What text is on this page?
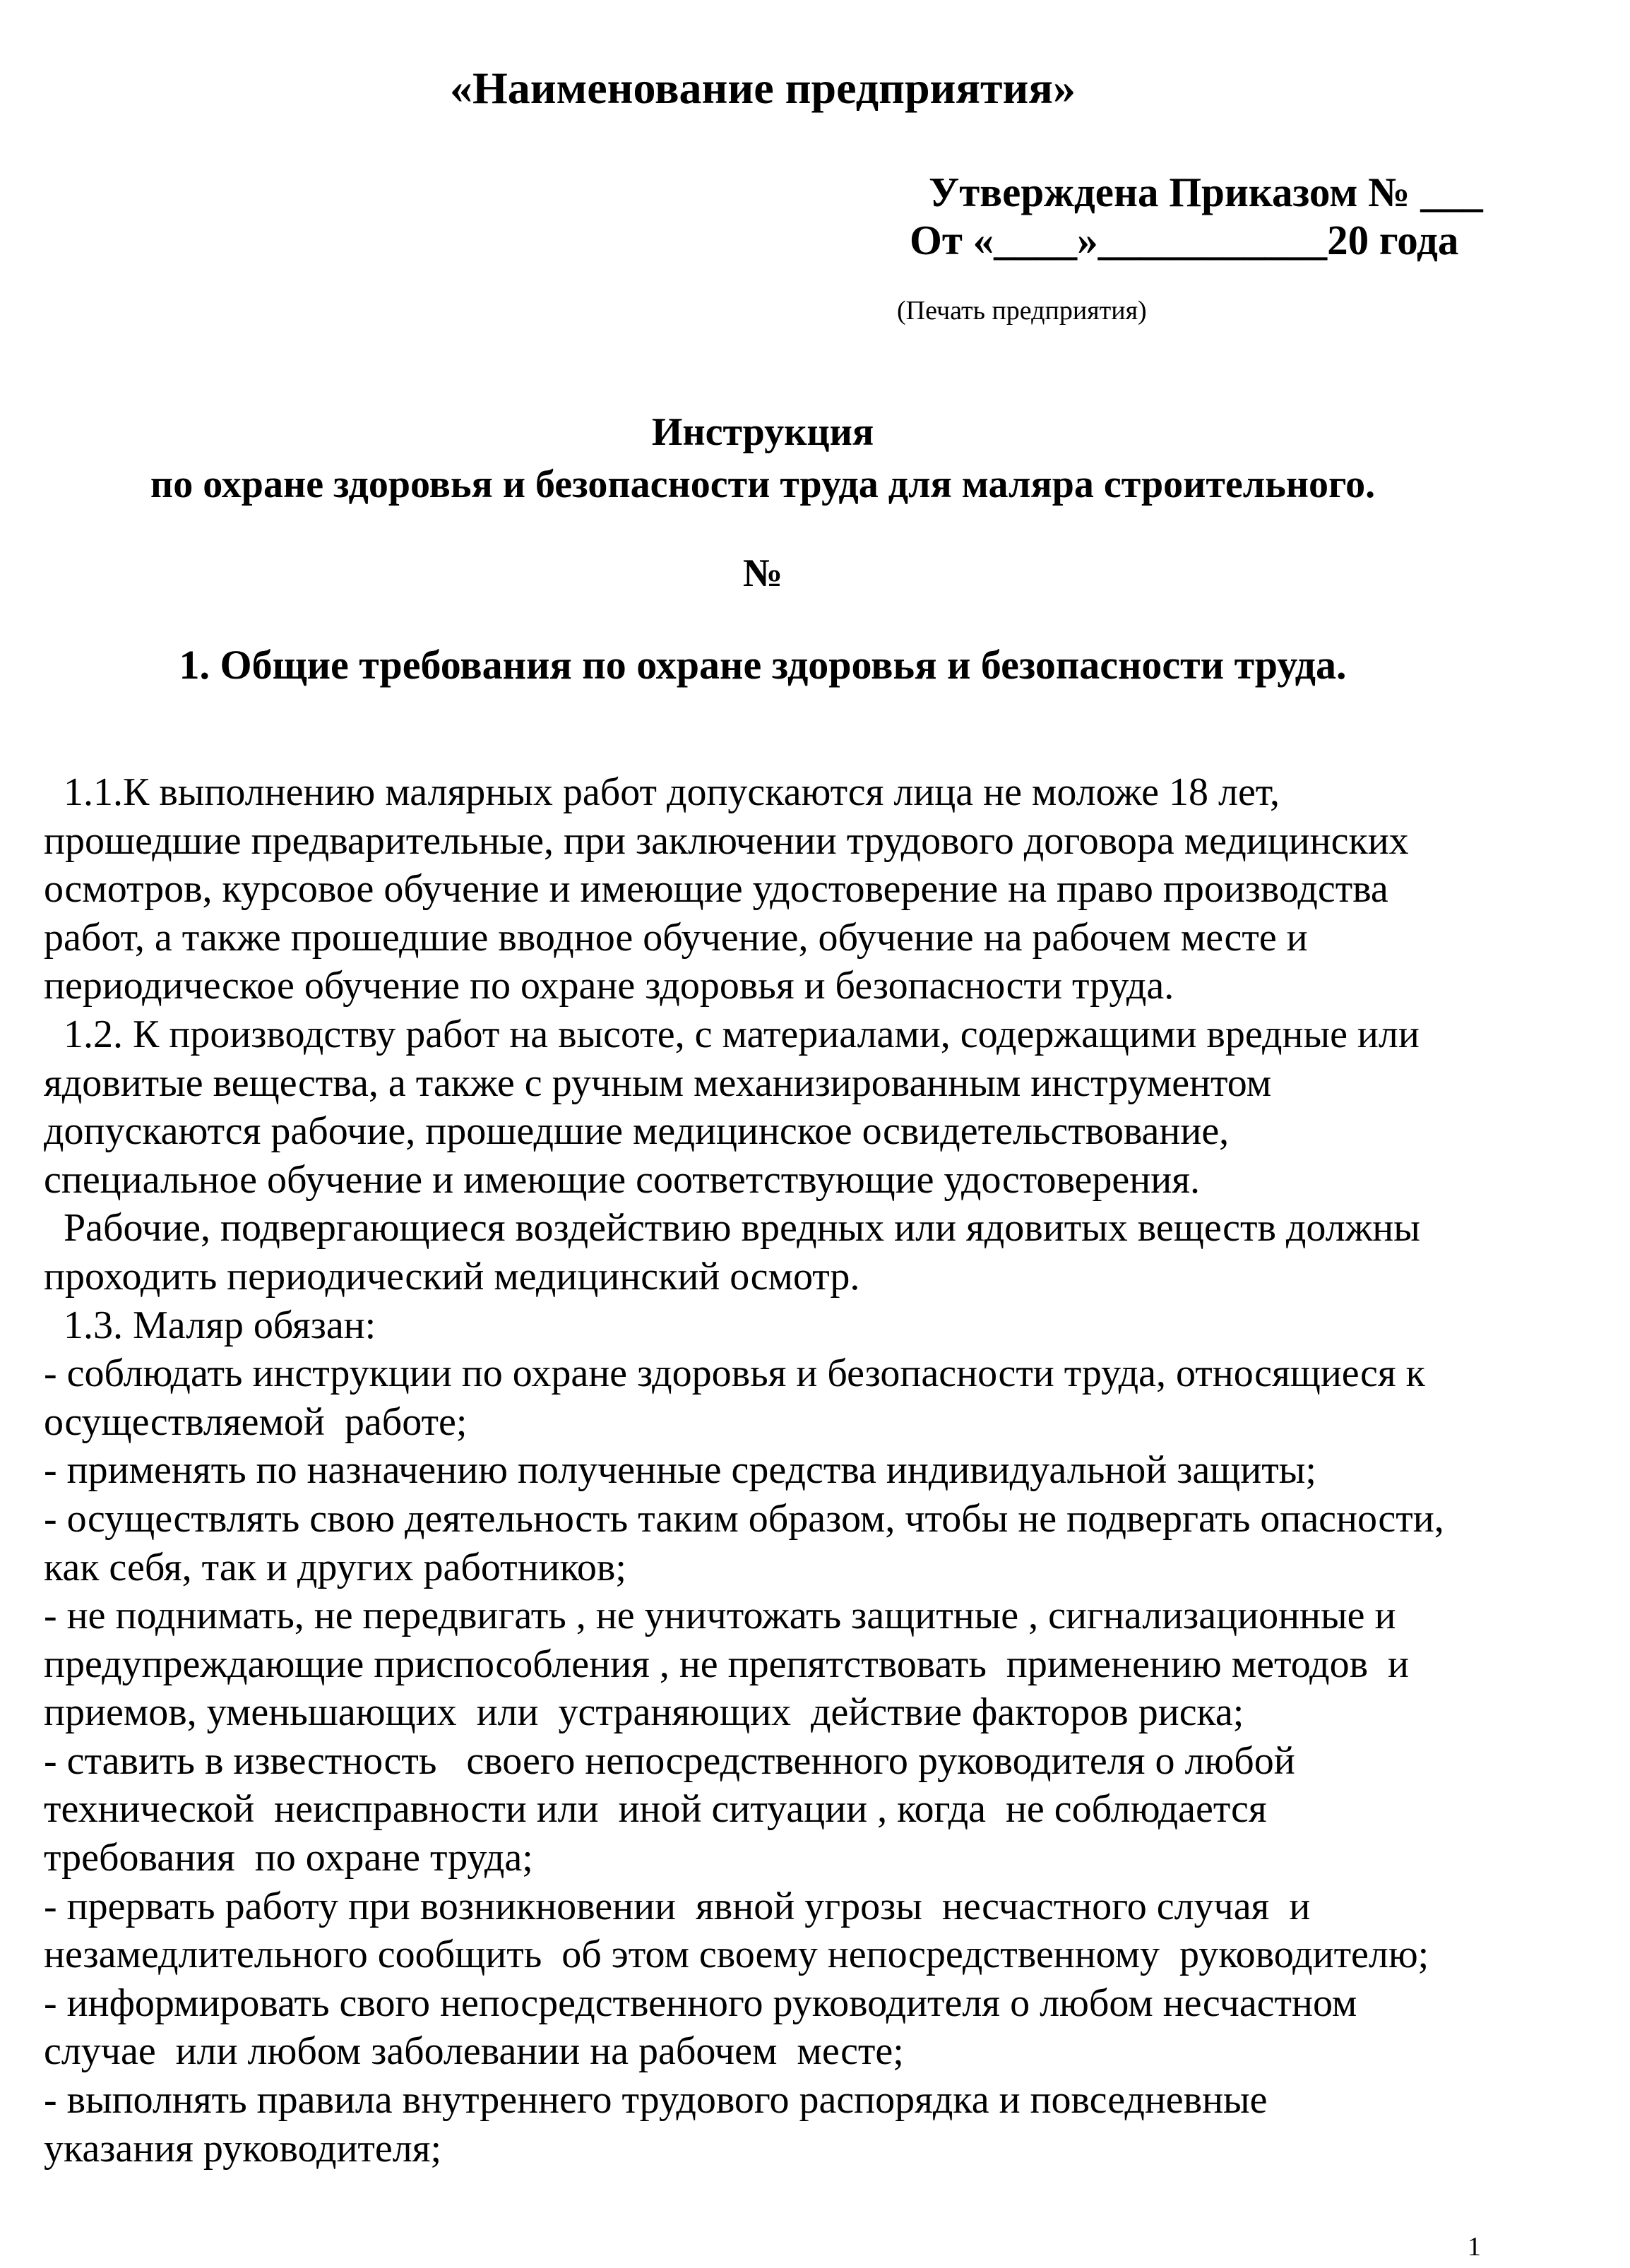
«Наименование предприятия»

Утверждена Приказом № ___

От «____»___________20 года

(Печать предприятия)

Инструкция

по охране здоровья и безопасности труда для маляра строительного.

№

1. Общие требования по охране здоровья и безопасности труда.

1.1.К выполнению малярных работ допускаются лица не моложе 18 лет,
прошедшие предварительные, при заключении трудового договора медицинских
осмотров, курсовое обучение и имеющие удостоверение на право производства
работ, а также прошедшие вводное обучение, обучение на рабочем месте и
периодическое обучение по охране здоровья и безопасности труда.
1.2. К производству работ на высоте, с материалами, содержащими вредные или
ядовитые вещества, а также с ручным механизированным инструментом
допускаются рабочие, прошедшие медицинское освидетельствование,
специальное обучение и имеющие соответствующие удостоверения.
Рабочие, подвергающиеся воздействию вредных или ядовитых веществ должны
проходить периодический медицинский осмотр.
1.3. Маляр обязан:
- соблюдать инструкции по охране здоровья и безопасности труда, относящиеся к
осуществляемой  работе;
- применять по назначению полученные средства индивидуальной защиты;
- осуществлять свою деятельность таким образом, чтобы не подвергать опасности,
как себя, так и других работников;
- не поднимать, не передвигать , не уничтожать защитные , сигнализационные и
предупреждающие приспособления , не препятствовать  применению методов  и
приемов, уменьшающих  или  устраняющих  действие факторов риска;
- ставить в известность   своего непосредственного руководителя о любой
технической  неисправности или  иной ситуации , когда  не соблюдается
требования  по охране труда;
- прервать работу при возникновении  явной угрозы  несчастного случая  и
незамедлительного сообщить  об этом своему непосредственному  руководителю;
- информировать свого непосредственного руководителя о любом несчастном
случае  или любом заболевании на рабочем  месте;
- выполнять правила внутреннего трудового распорядка и повседневные
указания руководителя;

1
